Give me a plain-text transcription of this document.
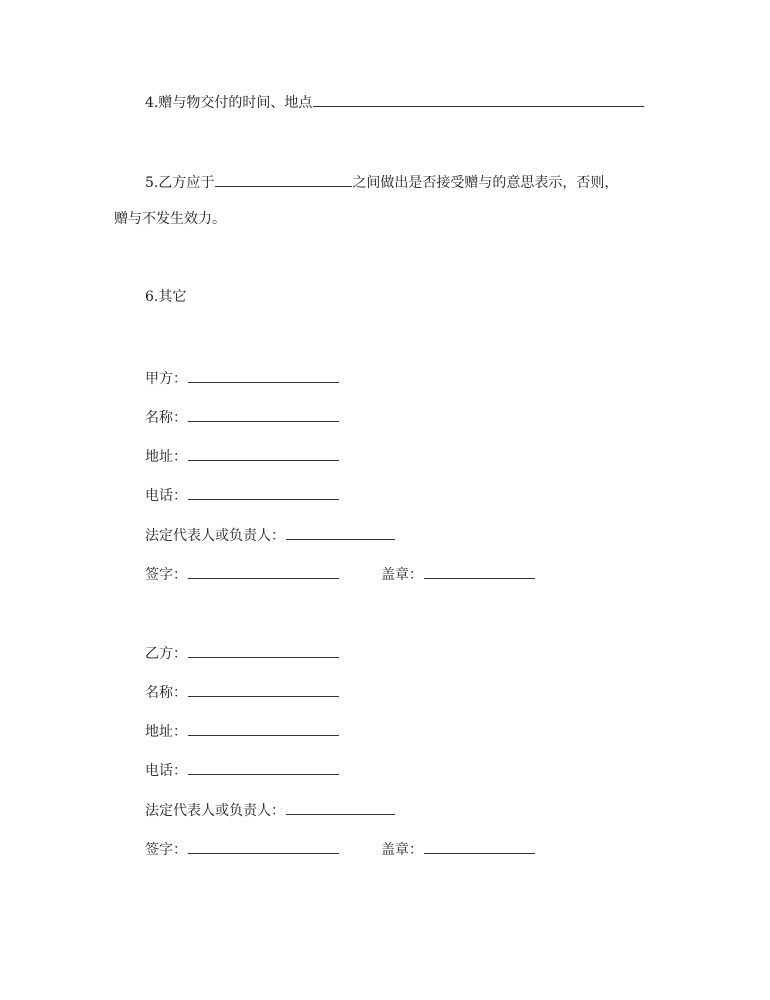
4.赠与物交付的时间、地点
5.乙方应于	之间做出是否接受赠与的意思表示，否则，
赠与不发生效力。
6.其它
甲方：
名称：
地址：
电话：
法定代表人或负责人：
签字：	盖章：
乙方：
名称：
地址：
电话：
法定代表人或负责人：
签字：	盖章：
